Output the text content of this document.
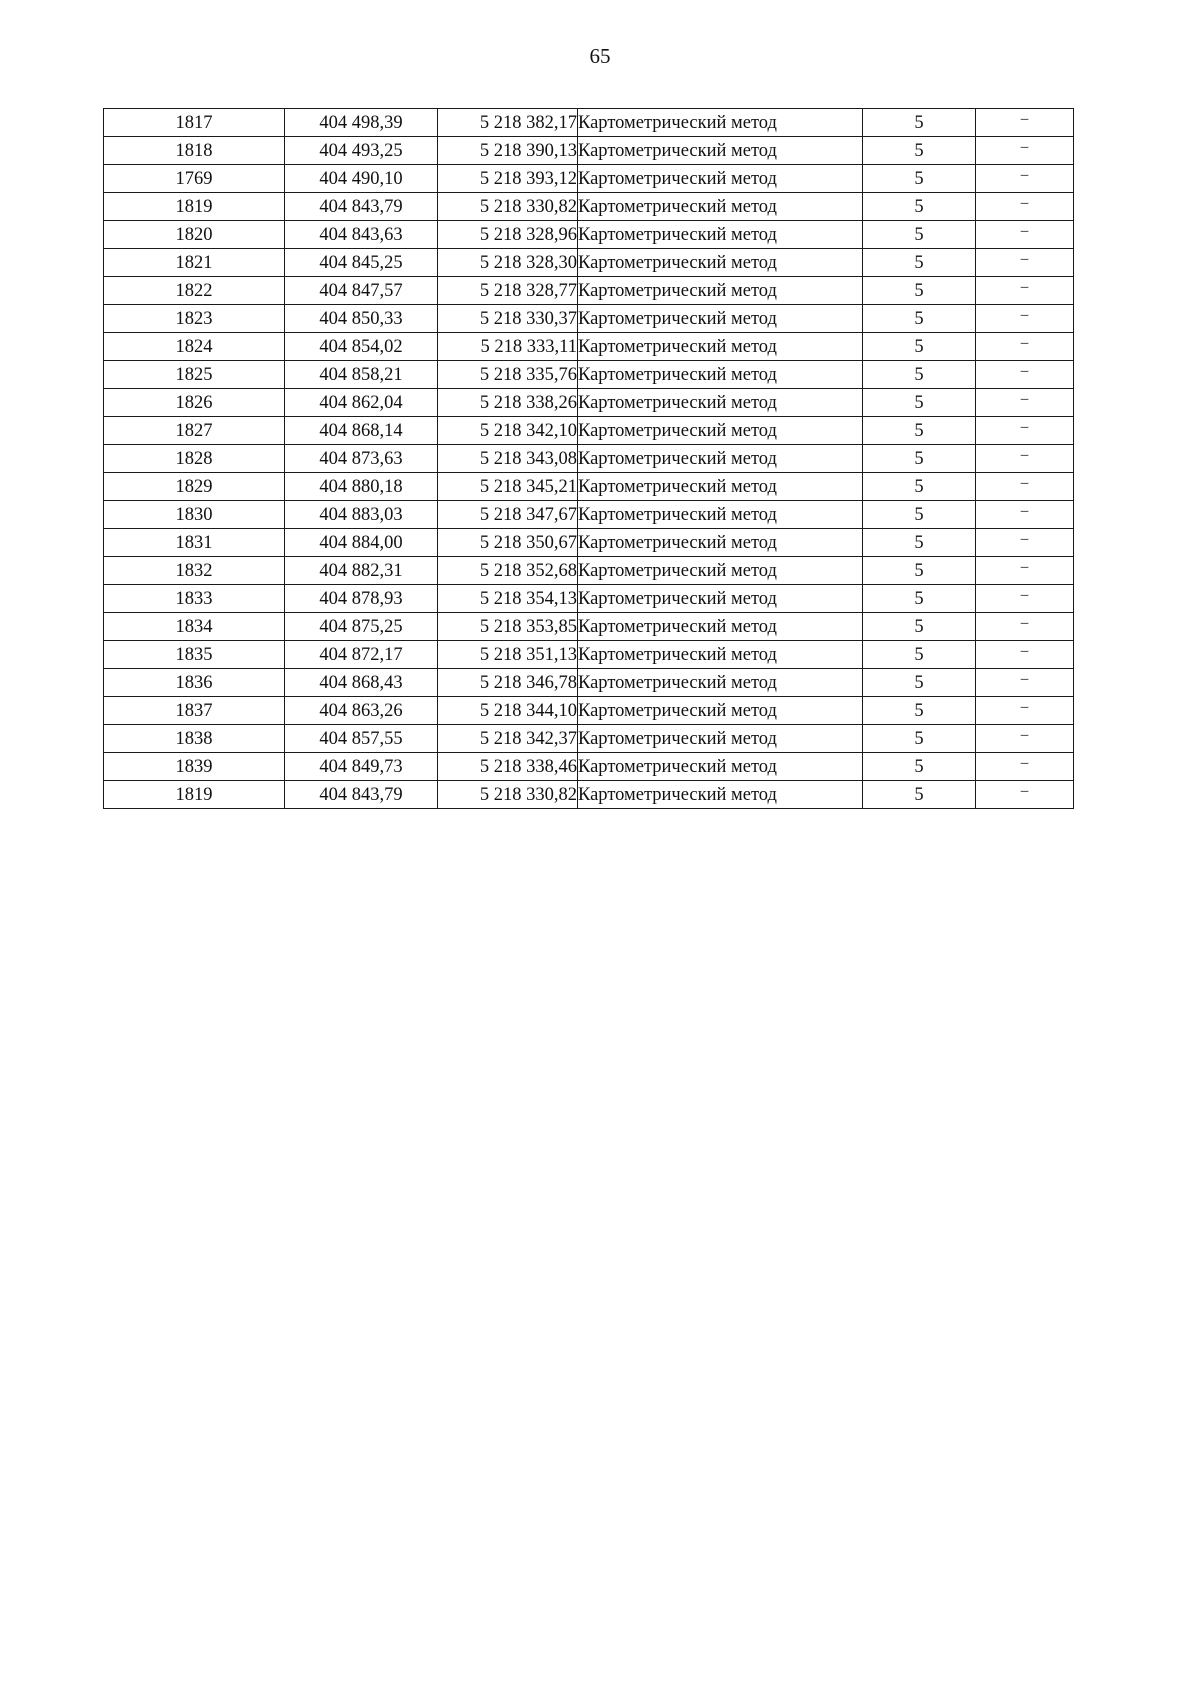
65
1817	404 498,39	5 218 382,17	Картометрический метод	5	–
1818	404 493,25	5 218 390,13	Картометрический метод	5	–
1769	404 490,10	5 218 393,12	Картометрический метод	5	–
1819	404 843,79	5 218 330,82	Картометрический метод	5	–
1820	404 843,63	5 218 328,96	Картометрический метод	5	–
1821	404 845,25	5 218 328,30	Картометрический метод	5	–
1822	404 847,57	5 218 328,77	Картометрический метод	5	–
1823	404 850,33	5 218 330,37	Картометрический метод	5	–
1824	404 854,02	5 218 333,11	Картометрический метод	5	–
1825	404 858,21	5 218 335,76	Картометрический метод	5	–
1826	404 862,04	5 218 338,26	Картометрический метод	5	–
1827	404 868,14	5 218 342,10	Картометрический метод	5	–
1828	404 873,63	5 218 343,08	Картометрический метод	5	–
1829	404 880,18	5 218 345,21	Картометрический метод	5	–
1830	404 883,03	5 218 347,67	Картометрический метод	5	–
1831	404 884,00	5 218 350,67	Картометрический метод	5	–
1832	404 882,31	5 218 352,68	Картометрический метод	5	–
1833	404 878,93	5 218 354,13	Картометрический метод	5	–
1834	404 875,25	5 218 353,85	Картометрический метод	5	–
1835	404 872,17	5 218 351,13	Картометрический метод	5	–
1836	404 868,43	5 218 346,78	Картометрический метод	5	–
1837	404 863,26	5 218 344,10	Картометрический метод	5	–
1838	404 857,55	5 218 342,37	Картометрический метод	5	–
1839	404 849,73	5 218 338,46	Картометрический метод	5	–
1819	404 843,79	5 218 330,82	Картометрический метод	5	–
